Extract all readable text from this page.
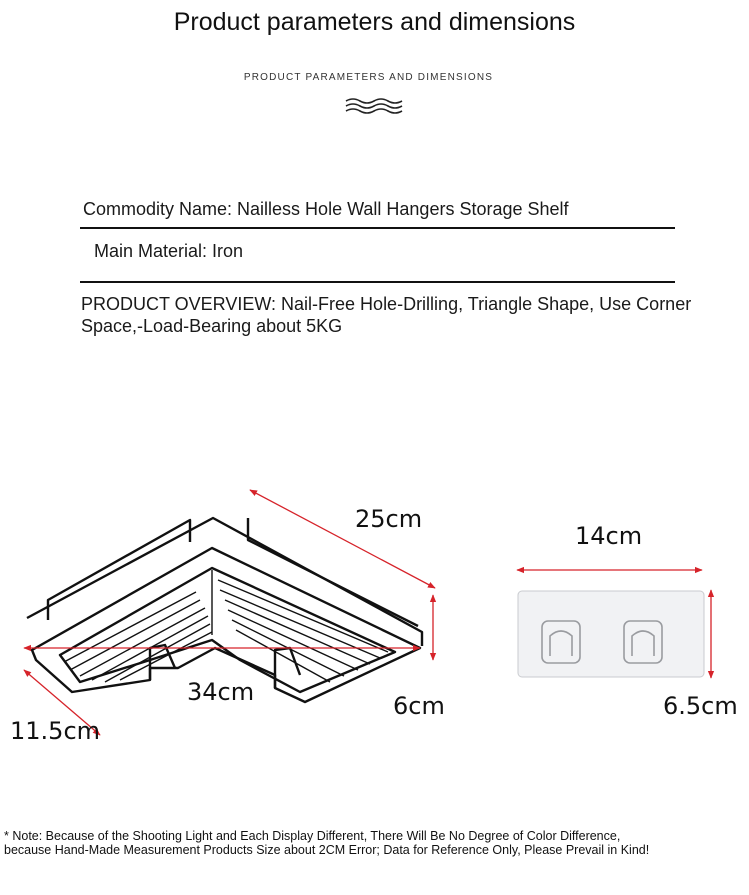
Product parameters and dimensions
PRODUCT PARAMETERS AND DIMENSIONS
Commodity Name: Nailless Hole Wall Hangers Storage Shelf
Main Material: Iron
PRODUCT OVERVIEW: Nail-Free Hole-Drilling, Triangle Shape, Use Corner Space,-Load-Bearing about 5KG
25cm
34cm	6cm
11.5cm
14cm
6.5cm
* Note: Because of the Shooting Light and Each Display Different, There Will Be No Degree of Color Difference,
because Hand-Made Measurement Products Size about 2CM Error; Data for Reference Only, Please Prevail in Kind!
